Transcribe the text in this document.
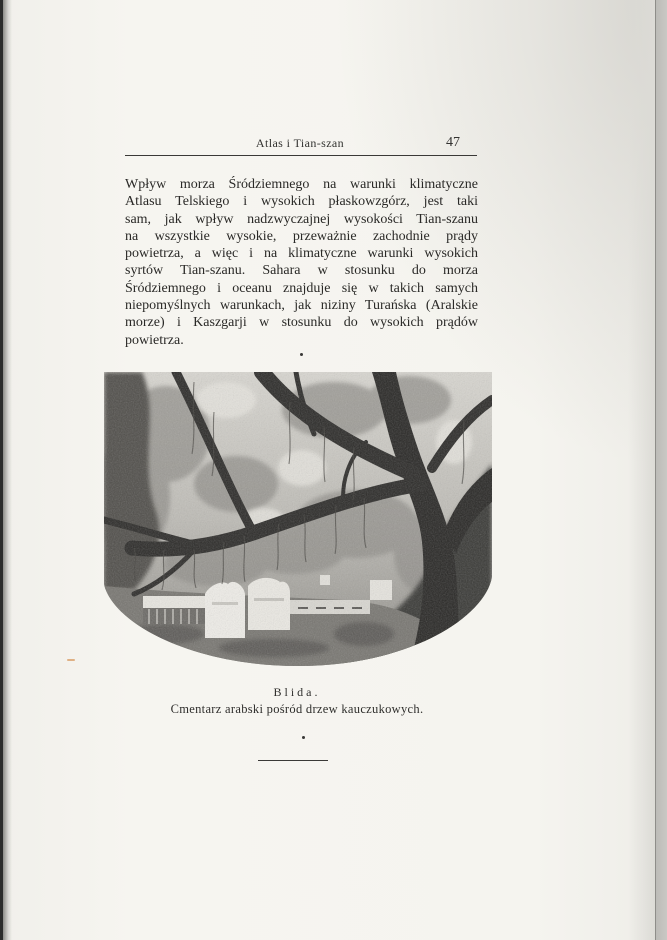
Atlas i Tian-szan	47
Wpływ morza Śródziemnego na warunki klimatyczne
Atlasu Telskiego i wysokich płaskowzgórz, jest taki
sam, jak wpływ nadzwyczajnej wysokości Tian-szanu
na wszystkie wysokie, przeważnie zachodnie prądy
powietrza, a więc i na klimatyczne warunki wysokich
syrtów Tian-szanu. Sahara w stosunku do morza
Śródziemnego i oceanu znajduje się w takich samych
niepomyślnych warunkach, jak niziny Turańska (Aralskie
morze) i Kaszgarji w stosunku do wysokich prądów
powietrza.
Blida.
Cmentarz arabski pośród drzew kauczukowych.
